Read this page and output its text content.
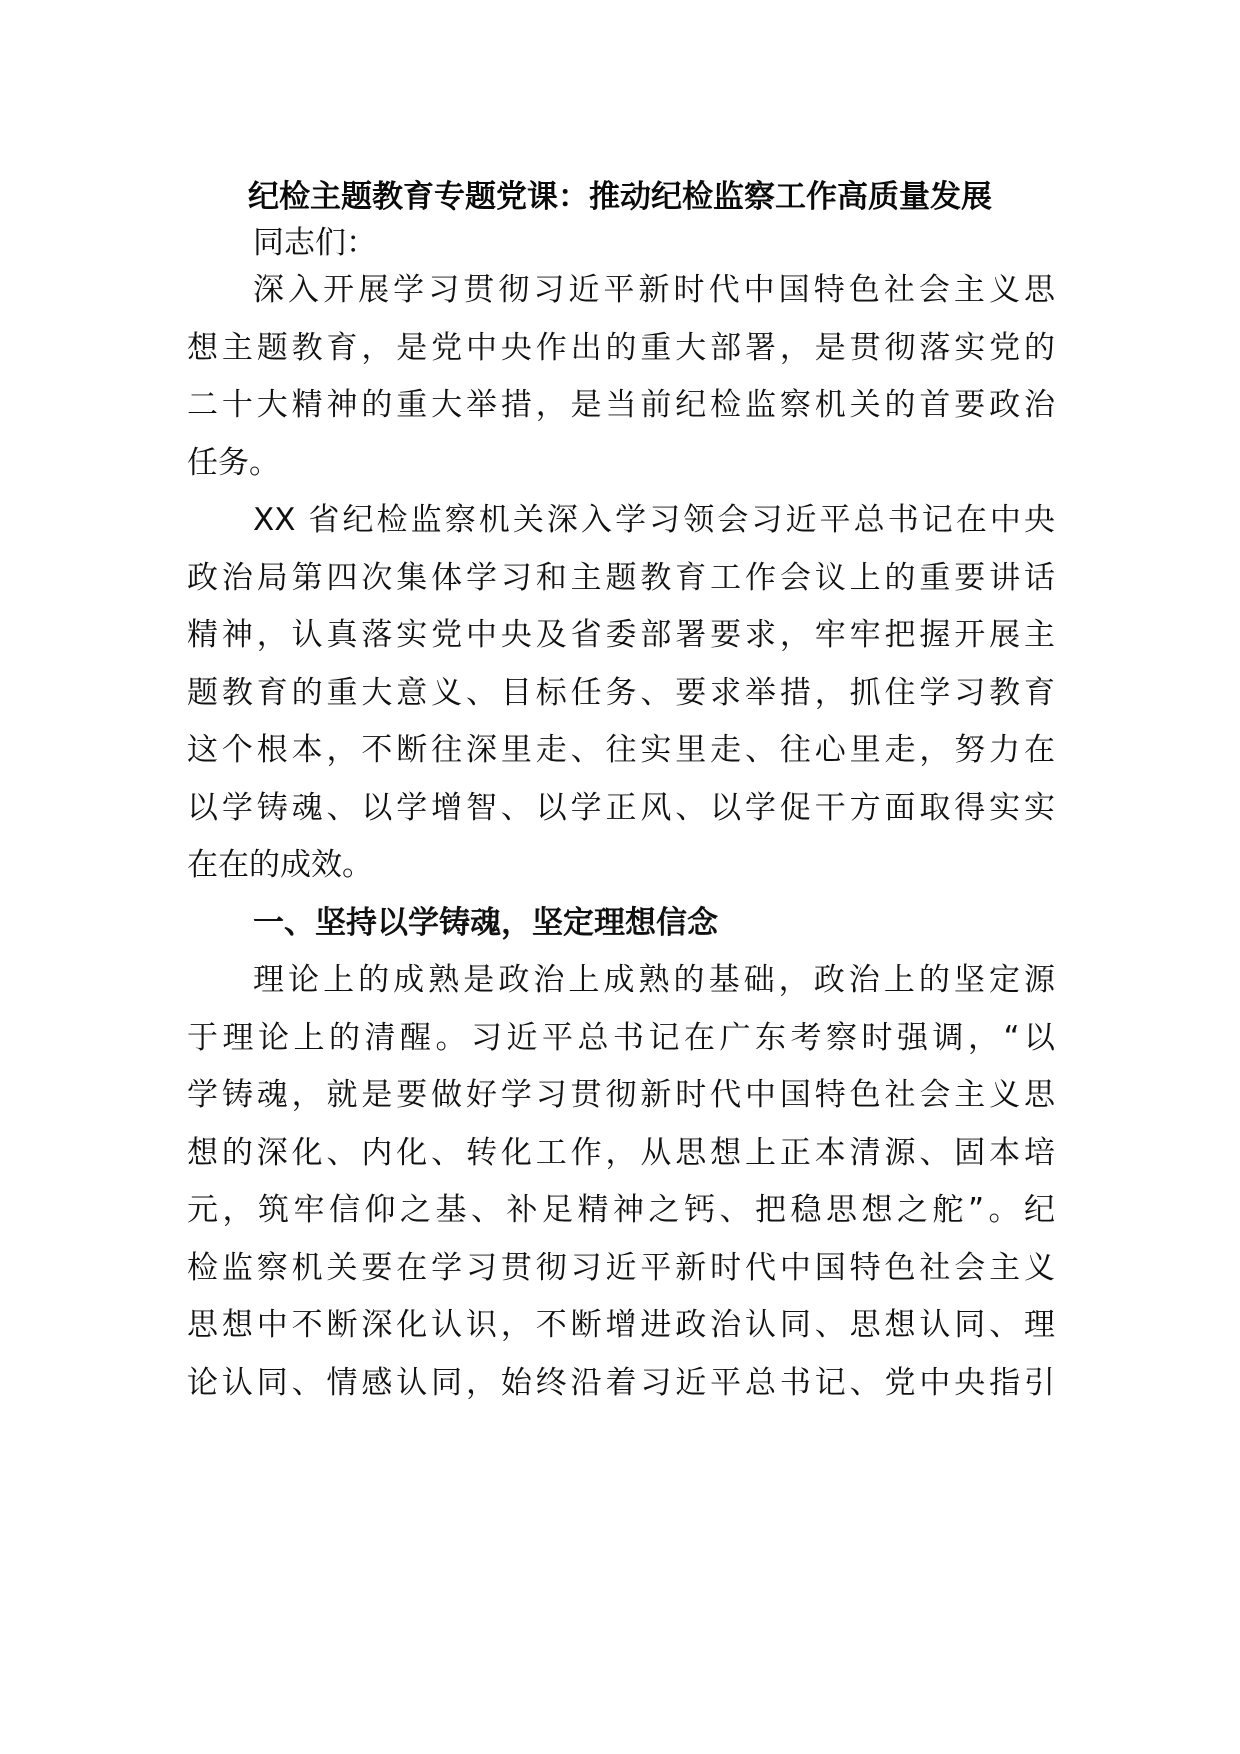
纪检主题教育专题党课：推动纪检监察工作高质量发展
同志们：
深入开展学习贯彻习近平新时代中国特色社会主义思
想主题教育，是党中央作出的重大部署，是贯彻落实党的
二十大精神的重大举措，是当前纪检监察机关的首要政治
任务。
XX 省纪检监察机关深入学习领会习近平总书记在中央
政治局第四次集体学习和主题教育工作会议上的重要讲话
精神，认真落实党中央及省委部署要求，牢牢把握开展主
题教育的重大意义、目标任务、要求举措，抓住学习教育
这个根本，不断往深里走、往实里走、往心里走，努力在
以学铸魂、以学增智、以学正风、以学促干方面取得实实
在在的成效。
一、坚持以学铸魂，坚定理想信念
理论上的成熟是政治上成熟的基础，政治上的坚定源
于理论上的清醒。习近平总书记在广东考察时强调，“以
学铸魂，就是要做好学习贯彻新时代中国特色社会主义思
想的深化、内化、转化工作，从思想上正本清源、固本培
元，筑牢信仰之基、补足精神之钙、把稳思想之舵”。纪
检监察机关要在学习贯彻习近平新时代中国特色社会主义
思想中不断深化认识，不断增进政治认同、思想认同、理
论认同、情感认同，始终沿着习近平总书记、党中央指引
